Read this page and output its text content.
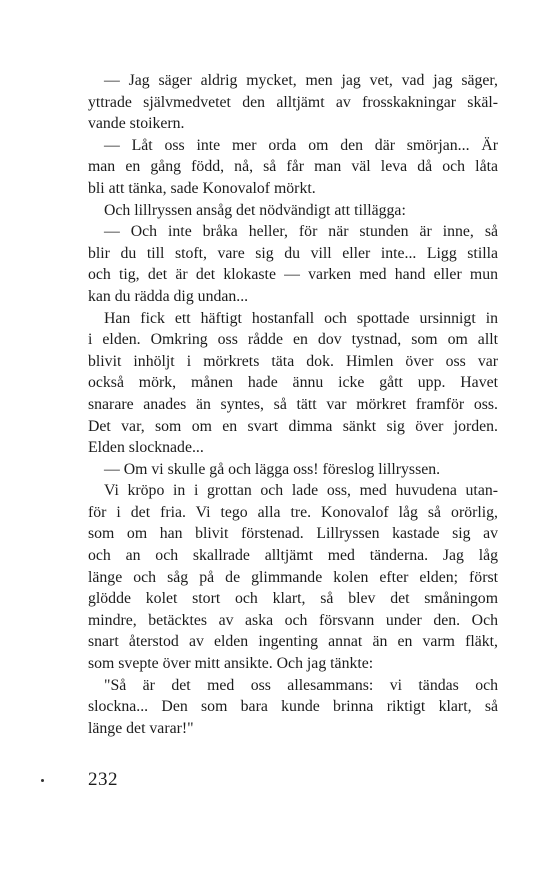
— Jag säger aldrig mycket, men jag vet, vad jag säger,
yttrade självmedvetet den alltjämt av frosskakningar skäl-
vande stoikern.
— Låt oss inte mer orda om den där smörjan... Är
man en gång född, nå, så får man väl leva då och låta
bli att tänka, sade Konovalof mörkt.
Och lillryssen ansåg det nödvändigt att tillägga:
— Och inte bråka heller, för när stunden är inne, så
blir du till stoft, vare sig du vill eller inte... Ligg stilla
och tig, det är det klokaste — varken med hand eller mun
kan du rädda dig undan...
Han fick ett häftigt hostanfall och spottade ursinnigt in
i elden. Omkring oss rådde en dov tystnad, som om allt
blivit inhöljt i mörkrets täta dok. Himlen över oss var
också mörk, månen hade ännu icke gått upp. Havet
snarare anades än syntes, så tätt var mörkret framför oss.
Det var, som om en svart dimma sänkt sig över jorden.
Elden slocknade...
— Om vi skulle gå och lägga oss! föreslog lillryssen.
Vi kröpo in i grottan och lade oss, med huvudena utan-
för i det fria. Vi tego alla tre. Konovalof låg så orörlig,
som om han blivit förstenad. Lillryssen kastade sig av
och an och skallrade alltjämt med tänderna. Jag låg
länge och såg på de glimmande kolen efter elden; först
glödde kolet stort och klart, så blev det småningom
mindre, betäcktes av aska och försvann under den. Och
snart återstod av elden ingenting annat än en varm fläkt,
som svepte över mitt ansikte. Och jag tänkte:
"Så är det med oss allesammans: vi tändas och
slockna... Den som bara kunde brinna riktigt klart, så
länge det varar!"
232
